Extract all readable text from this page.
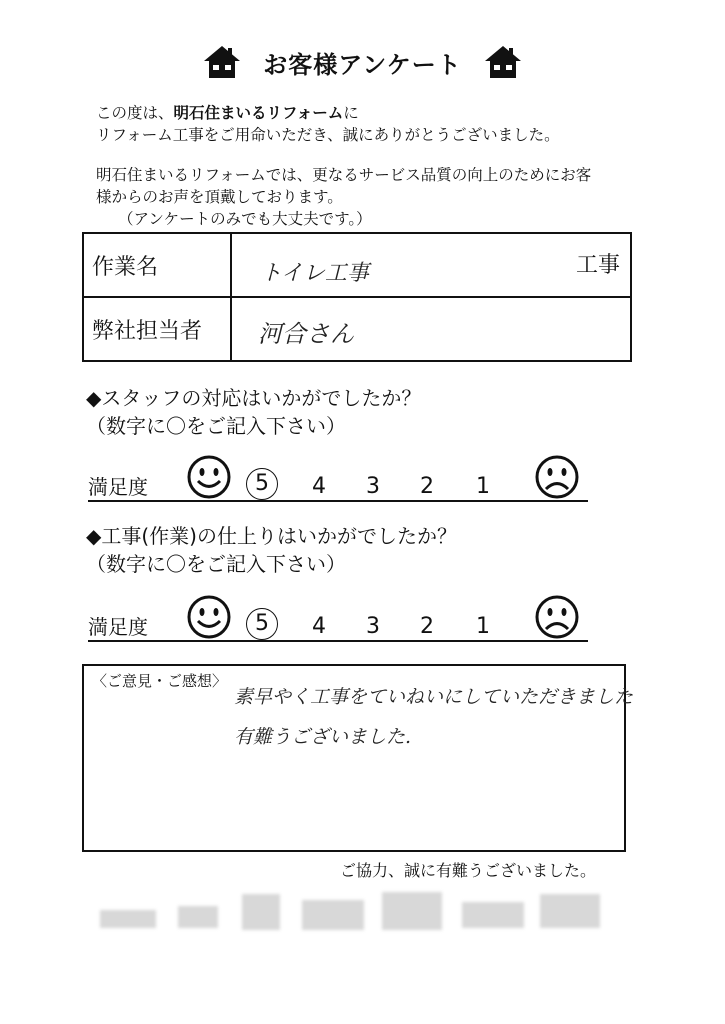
お客様アンケート
この度は、明石住まいるリフォームに
リフォーム工事をご用命いただき、誠にありがとうございました。
明石住まいるリフォームでは、更なるサービス品質の向上のためにお客
様からのお声を頂戴しております。
（アンケートのみでも大丈夫です。）
作業名	トイレ工事 工事

弊社担当者	河合さん
◆スタッフの対応はいかがでしたか？
（数字に〇をご記入下さい）
満足度	5	4 3 2 1
◆工事(作業)の仕上りはいかがでしたか？
（数字に〇をご記入下さい）
満足度	5	4 3 2 1
〈ご意見・ご感想〉
素早やく工事をていねいにしていただきました
有難うございました.
ご協力、誠に有難うございました。
